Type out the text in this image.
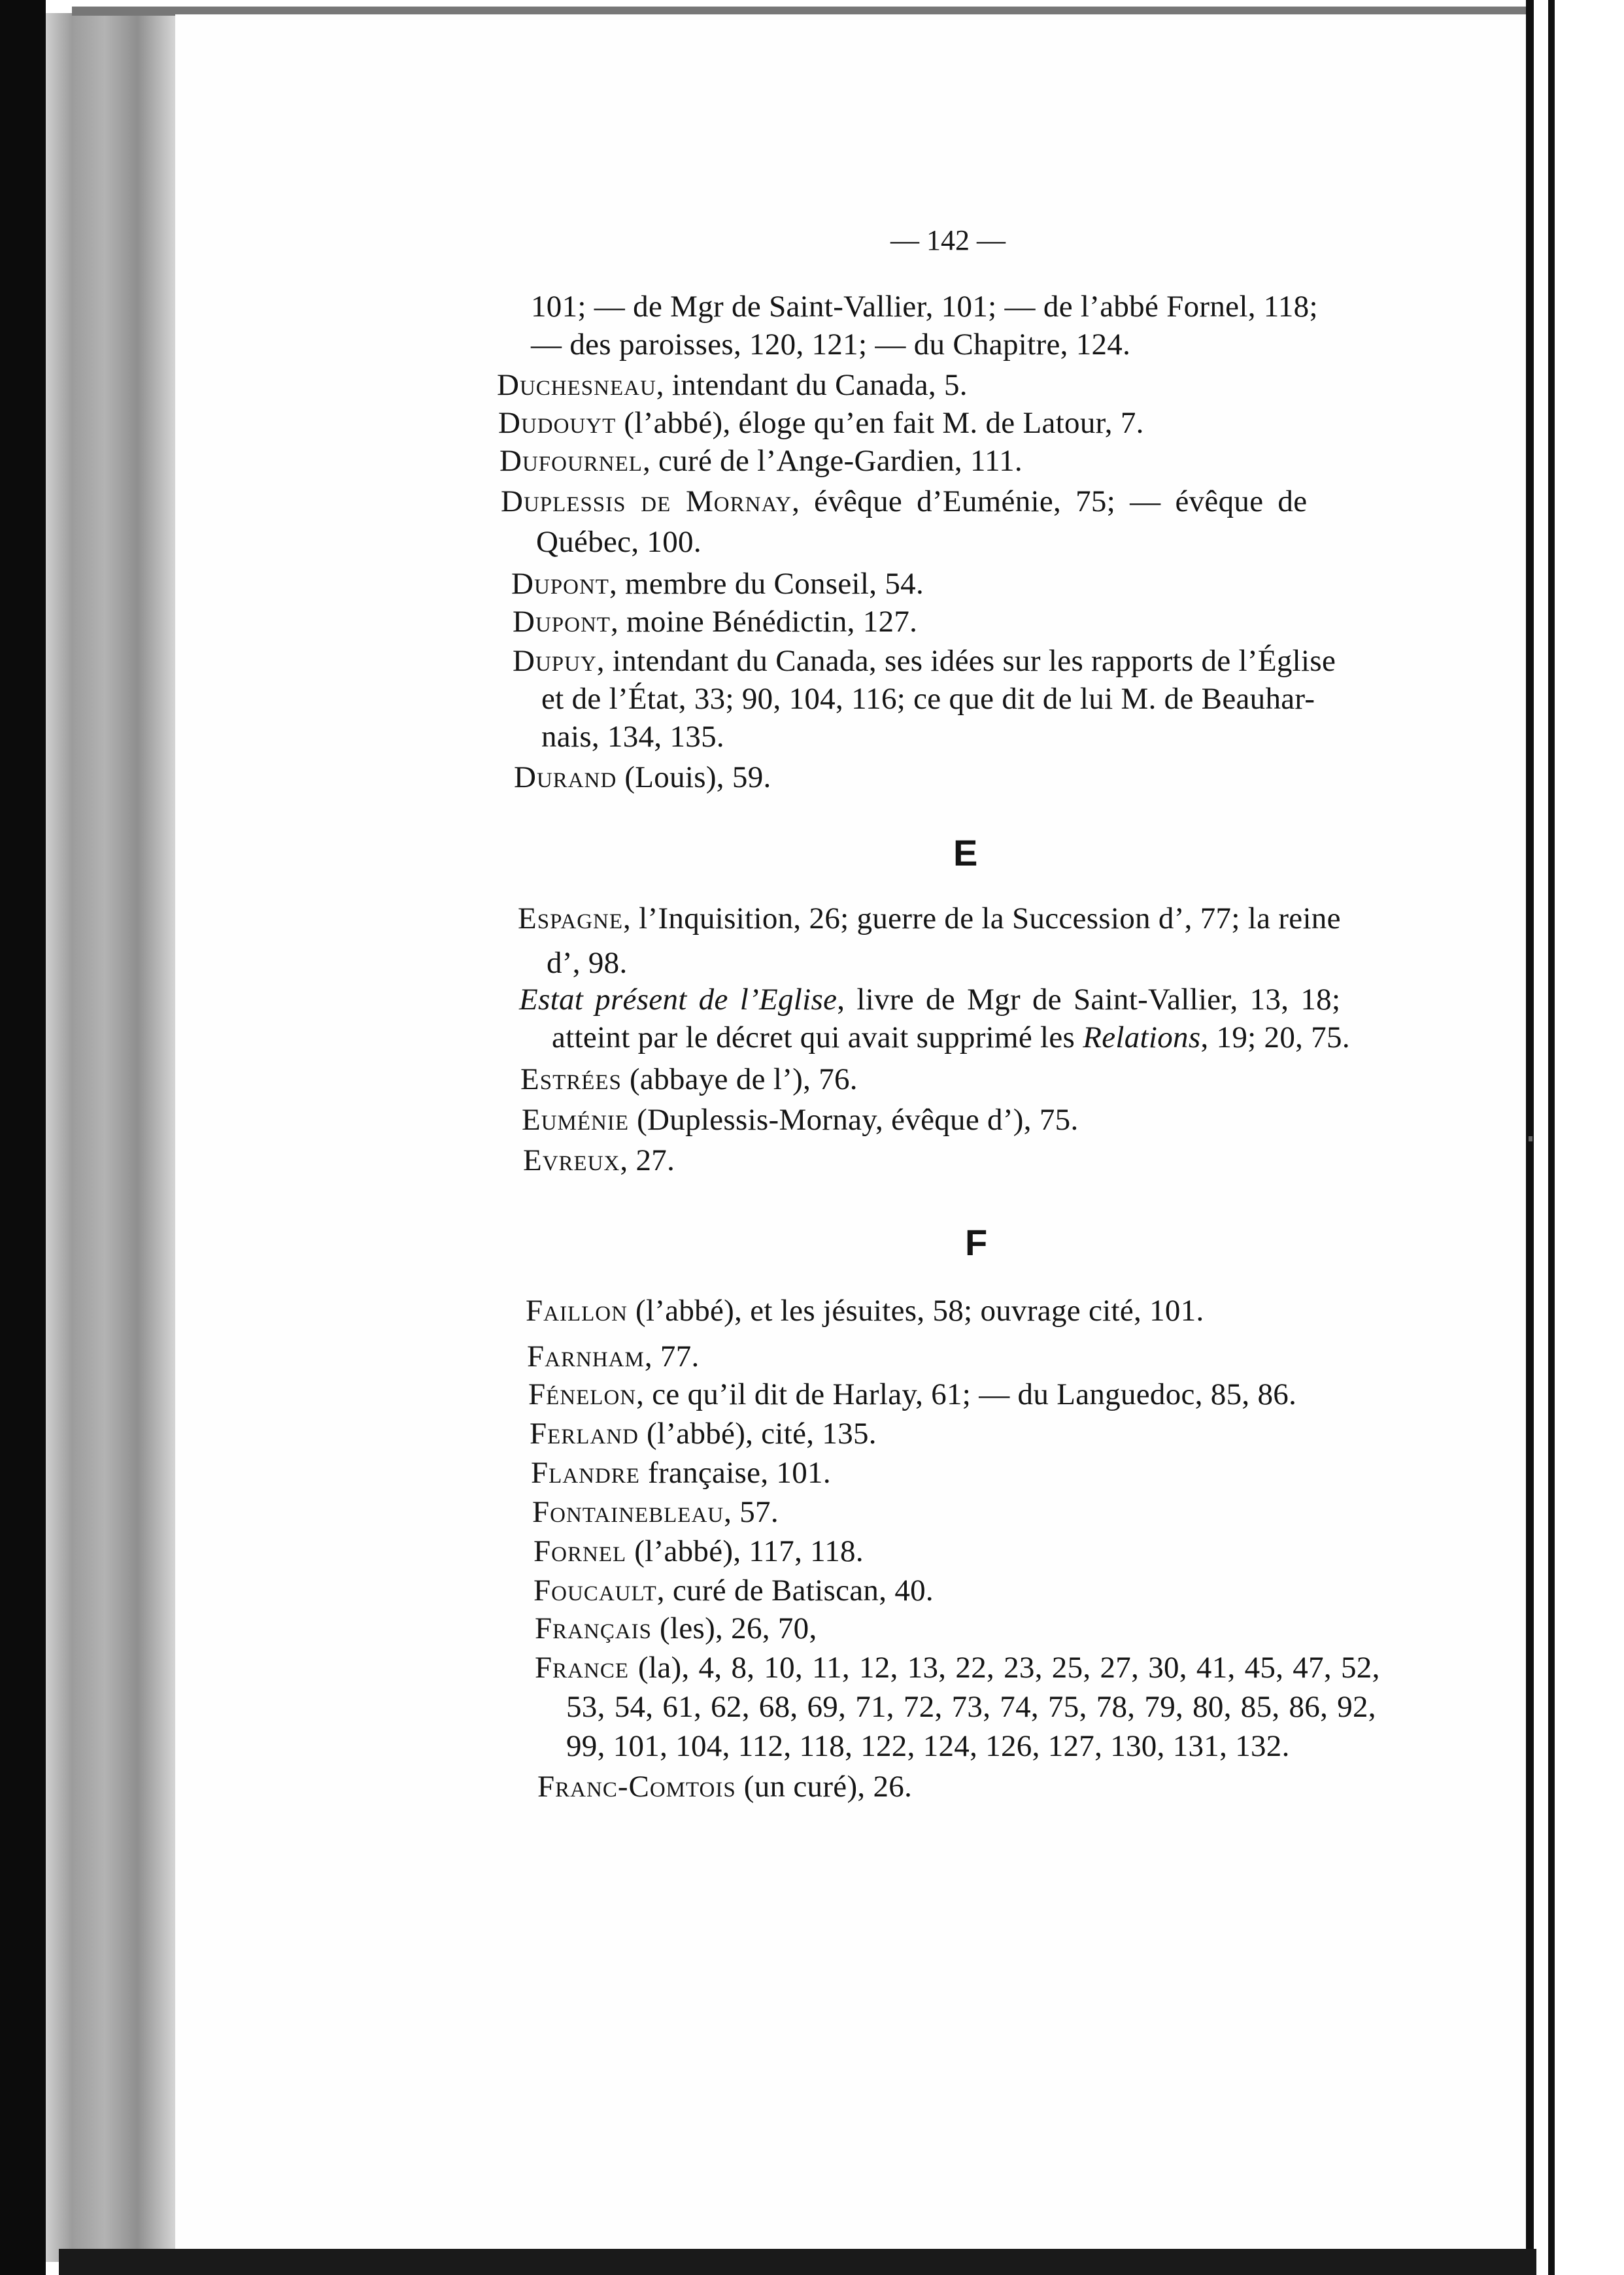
— 142 —
101; — de Mgr de Saint-Vallier, 101; — de l’abbé Fornel, 118;
— des paroisses, 120, 121; — du Chapitre, 124.
Duchesneau, intendant du Canada, 5.
Dudouyt (l’abbé), éloge qu’en fait M. de Latour, 7.
Dufournel, curé de l’Ange-Gardien, 111.
Duplessis de Mornay, évêque d’Euménie, 75; — évêque de
Québec, 100.
Dupont, membre du Conseil, 54.
Dupont, moine Bénédictin, 127.
Dupuy, intendant du Canada, ses idées sur les rapports de l’Église
et de l’État, 33; 90, 104, 116; ce que dit de lui M. de Beauhar-
nais, 134, 135.
Durand (Louis), 59.
E
Espagne, l’Inquisition, 26; guerre de la Succession d’, 77; la reine
d’, 98.
Estat présent de l’Eglise, livre de Mgr de Saint-Vallier, 13, 18;
atteint par le décret qui avait supprimé les Relations, 19; 20, 75.
Estrées (abbaye de l’), 76.
Euménie (Duplessis-Mornay, évêque d’), 75.
Evreux, 27.
F
Faillon (l’abbé), et les jésuites, 58; ouvrage cité, 101.
Farnham, 77.
Fénelon, ce qu’il dit de Harlay, 61; — du Languedoc, 85, 86.
Ferland (l’abbé), cité, 135.
Flandre française, 101.
Fontainebleau, 57.
Fornel (l’abbé), 117, 118.
Foucault, curé de Batiscan, 40.
Français (les), 26, 70,
France (la), 4, 8, 10, 11, 12, 13, 22, 23, 25, 27, 30, 41, 45, 47, 52,
53, 54, 61, 62, 68, 69, 71, 72, 73, 74, 75, 78, 79, 80, 85, 86, 92,
99, 101, 104, 112, 118, 122, 124, 126, 127, 130, 131, 132.
Franc-Comtois (un curé), 26.
